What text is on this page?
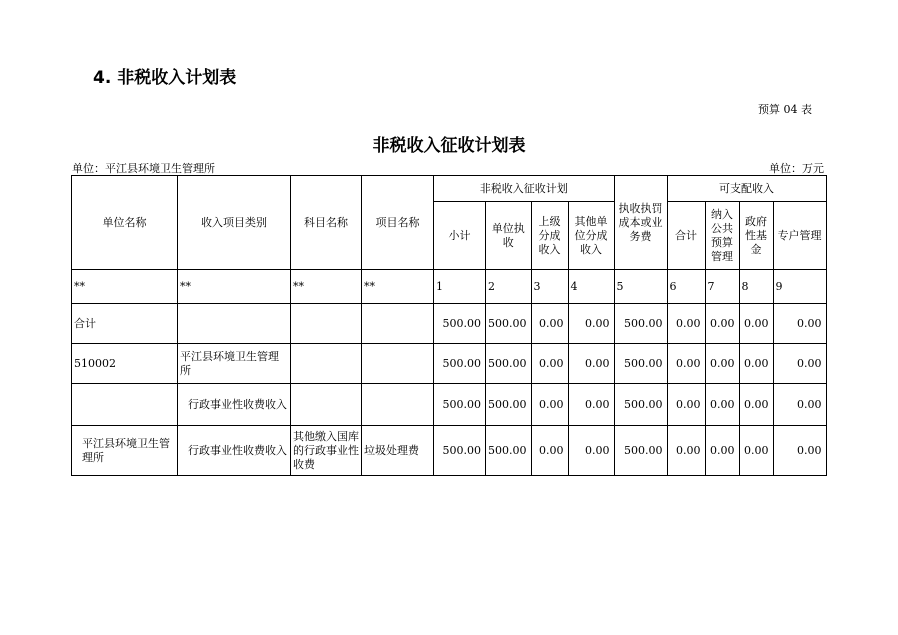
4. 非税收入计划表
预算 04 表
非税收入征收计划表
单位：平江县环境卫生管理所	单位：万元
单位名称	收入项目类别	科目名称	项目名称	非税收入征收计划				执收执罚成本或业务费	可支配收入			
				小计	单位执收	上级分成收入	其他单位分成收入		合计	纳入公共预算管理	政府性基金	专户管理
**	**	**	**	1	2	3	4	5	6	7	8	9
合计				500.00	500.00	0.00	0.00	500.00	0.00	0.00	0.00	0.00
510002	平江县环境卫生管理所			500.00	500.00	0.00	0.00	500.00	0.00	0.00	0.00	0.00
	行政事业性收费收入			500.00	500.00	0.00	0.00	500.00	0.00	0.00	0.00	0.00
平江县环境卫生管理所	行政事业性收费收入	其他缴入国库的行政事业性收费	垃圾处理费	500.00	500.00	0.00	0.00	500.00	0.00	0.00	0.00	0.00
